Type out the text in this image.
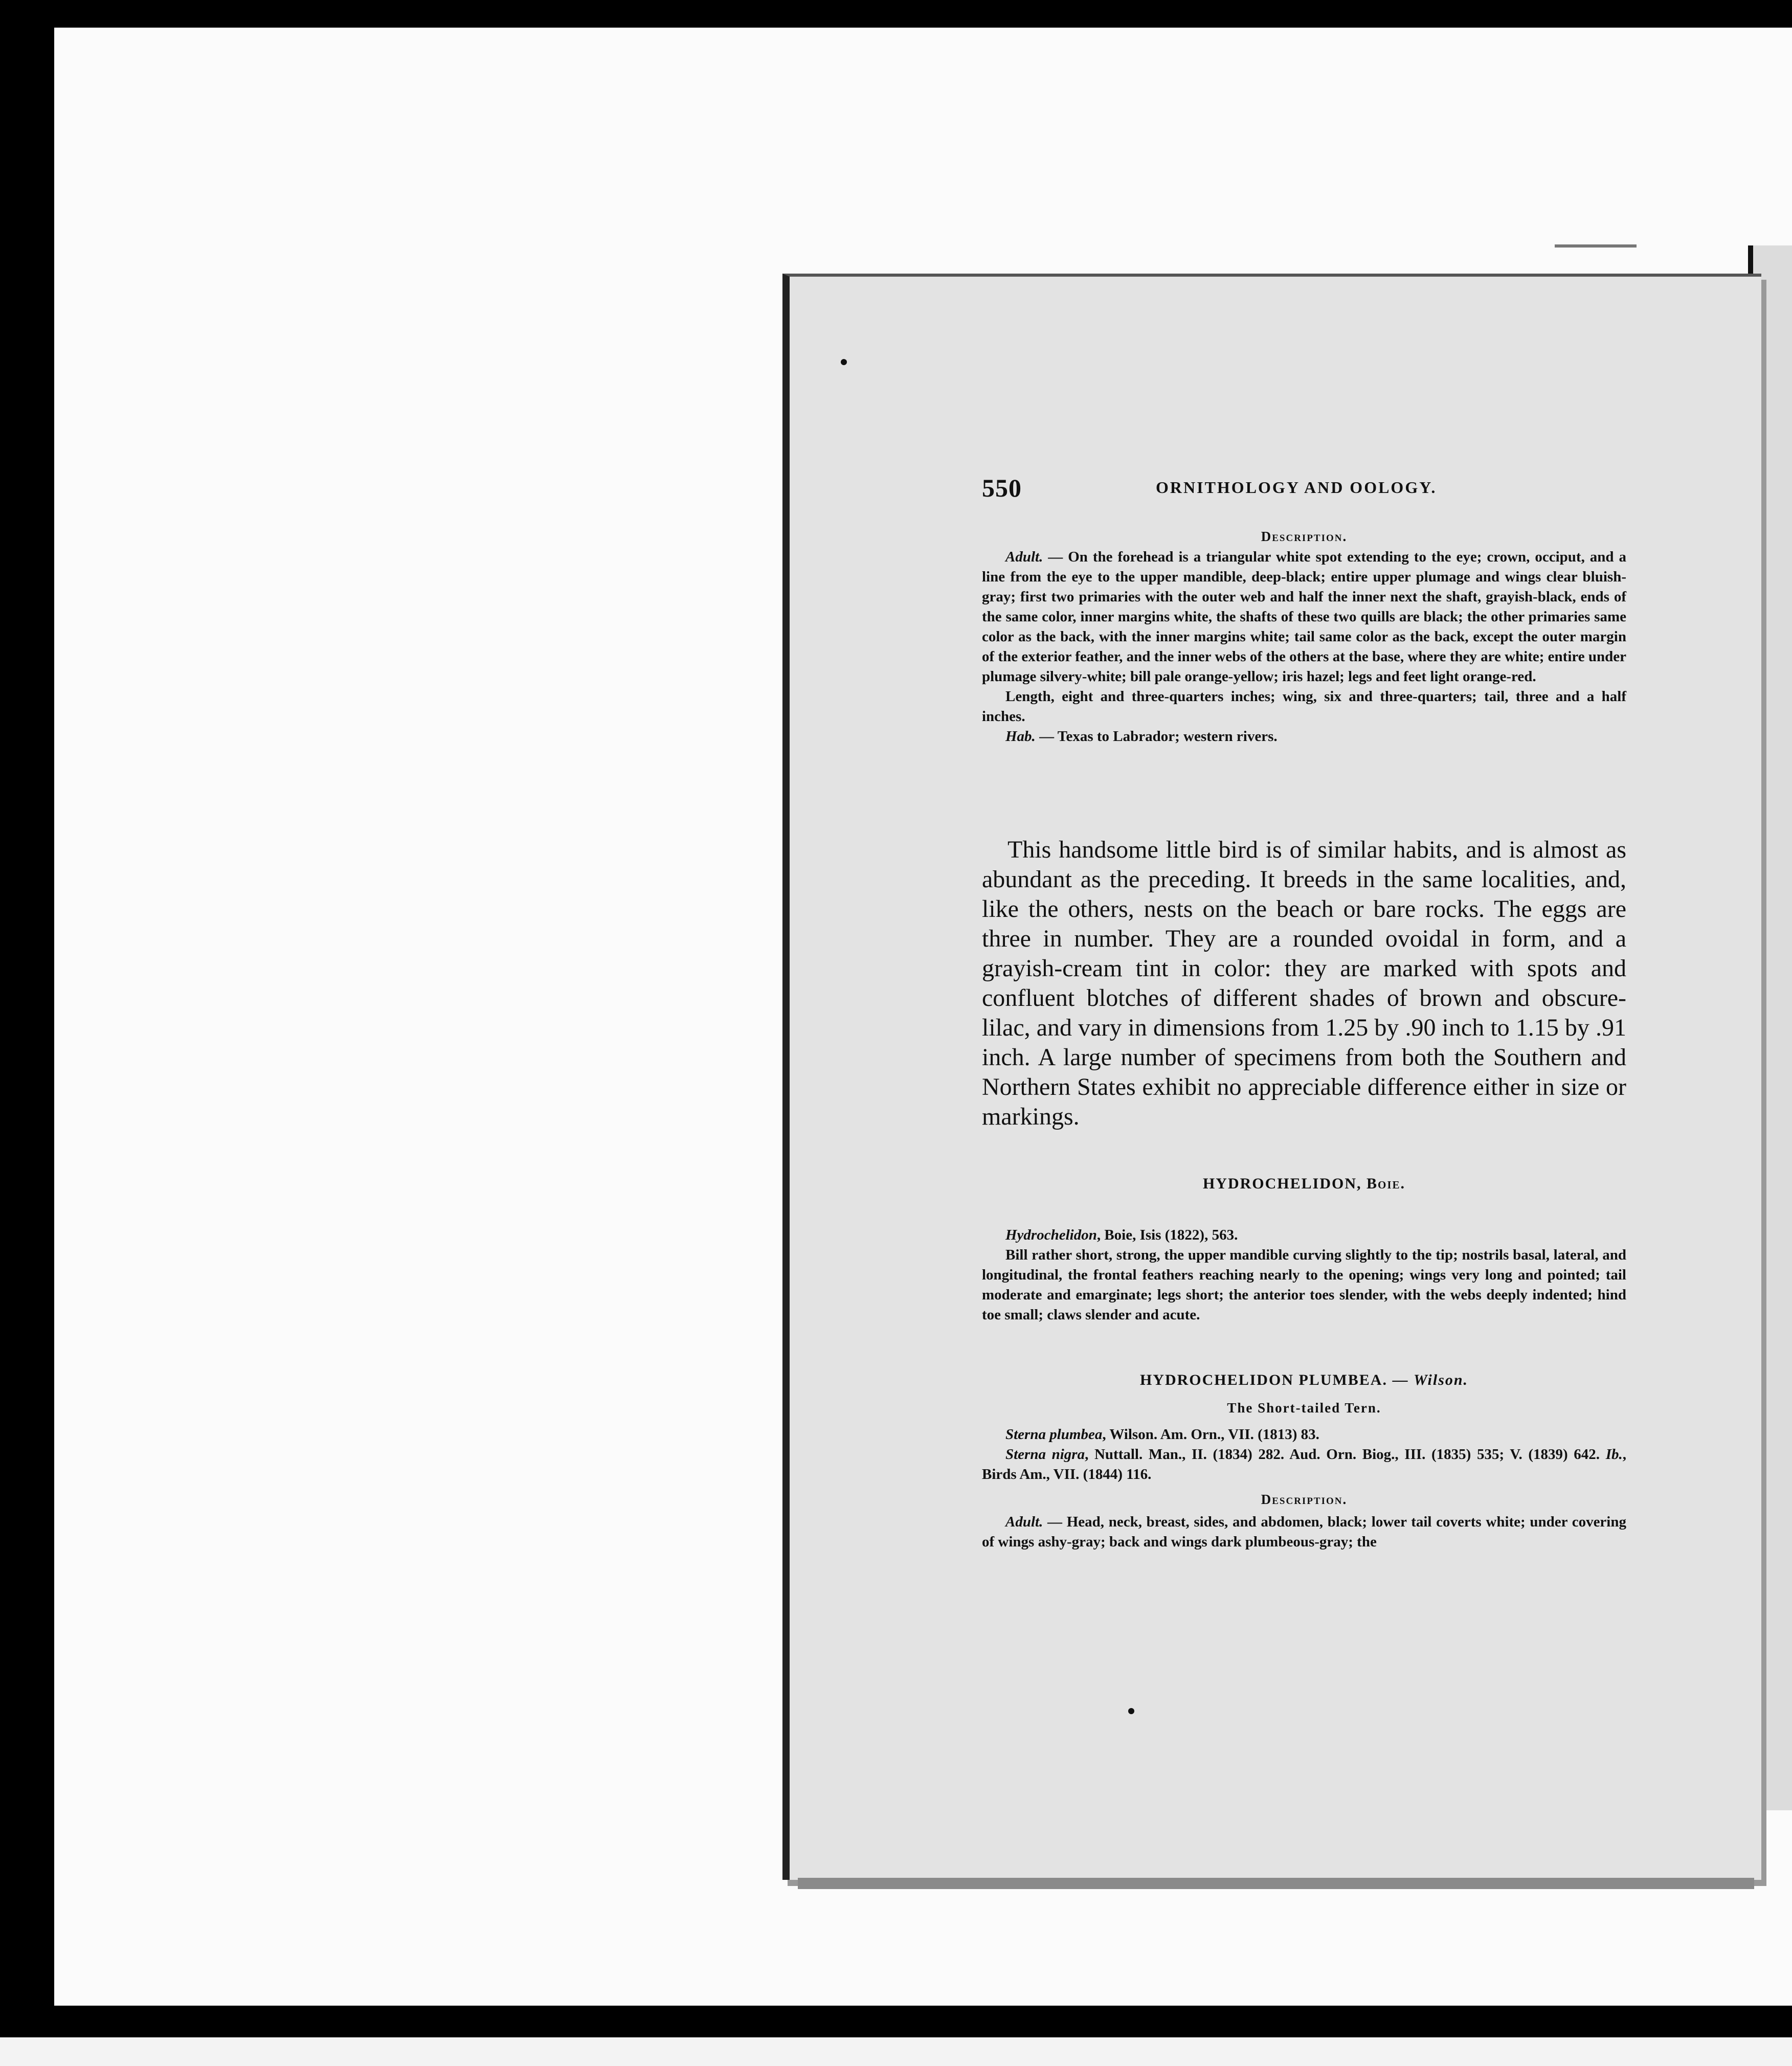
550	ORNITHOLOGY AND OOLOGY.
Description.

Adult. — On the forehead is a triangular white spot extending to the eye; crown, occiput, and a line from the eye to the upper mandible, deep-black; entire upper plumage and wings clear bluish-gray; first two primaries with the outer web and half the inner next the shaft, grayish-black, ends of the same color, inner margins white, the shafts of these two quills are black; the other primaries same color as the back, with the inner margins white; tail same color as the back, except the outer margin of the exterior feather, and the inner webs of the others at the base, where they are white; entire under plumage silvery-white; bill pale orange-yellow; iris hazel; legs and feet light orange-red.

Length, eight and three-quarters inches; wing, six and three-quarters; tail, three and a half inches.

Hab. — Texas to Labrador; western rivers.

This handsome little bird is of similar habits, and is almost as abundant as the preceding. It breeds in the same localities, and, like the others, nests on the beach or bare rocks. The eggs are three in number. They are a rounded ovoidal in form, and a grayish-cream tint in color: they are marked with spots and confluent blotches of different shades of brown and obscure-lilac, and vary in dimensions from 1.25 by .90 inch to 1.15 by .91 inch. A large number of specimens from both the Southern and Northern States exhibit no appreciable difference either in size or markings.

HYDROCHELIDON, Boie.

Hydrochelidon, Boie, Isis (1822), 563.

Bill rather short, strong, the upper mandible curving slightly to the tip; nostrils basal, lateral, and longitudinal, the frontal feathers reaching nearly to the opening; wings very long and pointed; tail moderate and emarginate; legs short; the anterior toes slender, with the webs deeply indented; hind toe small; claws slender and acute.

HYDROCHELIDON PLUMBEA. — Wilson.
The Short-tailed Tern.

Sterna plumbea, Wilson. Am. Orn., VII. (1813) 83.

Sterna nigra, Nuttall. Man., II. (1834) 282. Aud. Orn. Biog., III. (1835) 535; V. (1839) 642. Ib., Birds Am., VII. (1844) 116.

Description.

Adult. — Head, neck, breast, sides, and abdomen, black; lower tail coverts white; under covering of wings ashy-gray; back and wings dark plumbeous-gray; the
